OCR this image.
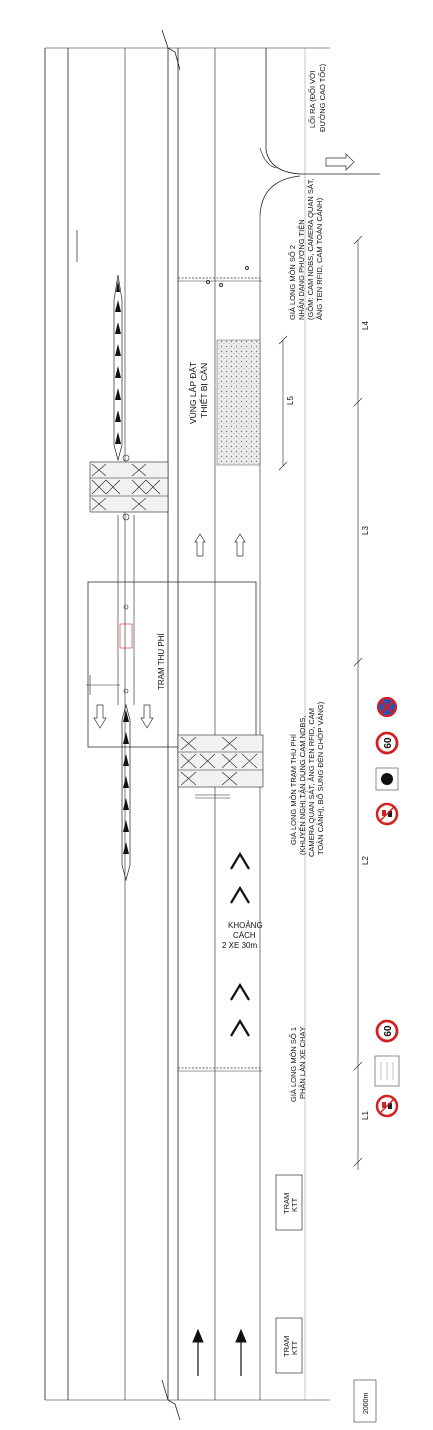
LỐI RA (ĐỐI VỚI ĐƯỜNG CAO TỐC)
GIÁ LONG MÔN SỐ 2 NHẬN DẠNG PHƯƠNG TIỆN (GỒM: CAM NDBS, CAMERA QUAN SÁT, ĂNG TEN RFID, CAM TOÀN CẢNH)
L4
L3
L2
L1
L5
VÙNG LẮP ĐẶT THIẾT BỊ CÂN
TRẠM THU PHÍ
GIÁ LONG MÔN TRẠM THU PHÍ (KHUYẾN NGHỊ TẬN DỤNG CAM NDBS, CAMERA QUAN SÁT, ĂNG TEN RFID, CAM TOÀN CẢNH), BỔ SUNG ĐÈN CHỚP VÀNG)
KHOẢNG
CÁCH
2 XE 30m
GIÁ LONG MÔN SỐ 1 PHÂN LÀN XE CHẠY
60
60
TRẠM KTT
TRẠM KTT
2000m
